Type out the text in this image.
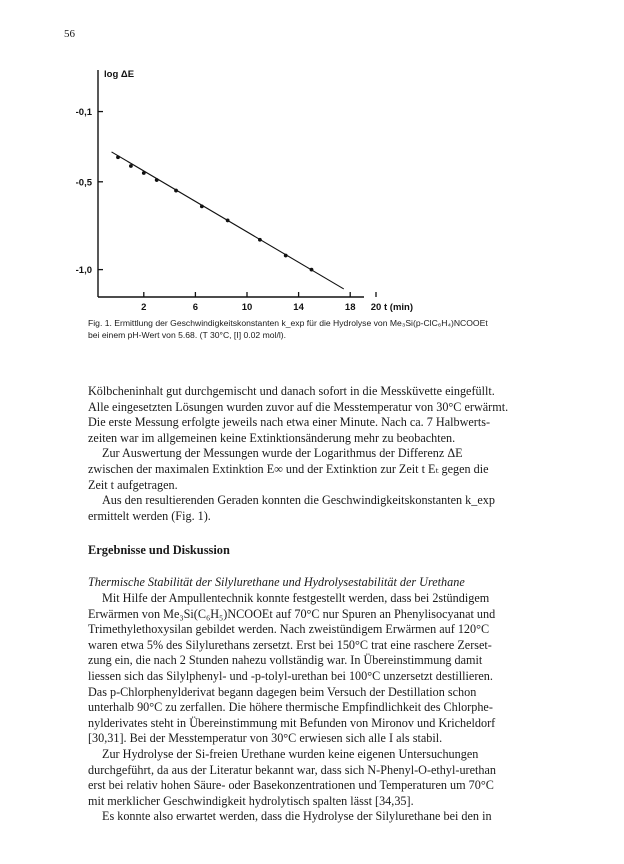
56
log ΔE
-0,1
-0,5
-1,0
2	6	10	14	18 20 t (min)
Fig. 1. Ermittlung der Geschwindigkeitskonstanten k_exp für die Hydrolyse von Me₃Si(p-ClC₆H₄)NCOOEt
bei einem pH-Wert von 5.68. (T 30°C, [I] 0.02 mol/l).

Kölbcheninhalt gut durchgemischt und danach sofort in die Messküvette eingefüllt.
Alle eingesetzten Lösungen wurden zuvor auf die Messtemperatur von 30°C erwärmt.
Die erste Messung erfolgte jeweils nach etwa einer Minute. Nach ca. 7 Halbwerts-
zeiten war im allgemeinen keine Extinktionsänderung mehr zu beobachten.

Zur Auswertung der Messungen wurde der Logarithmus der Differenz ΔE
zwischen der maximalen Extinktion E∞ und der Extinktion zur Zeit t Eₜ gegen die
Zeit t aufgetragen.

Aus den resultierenden Geraden konnten die Geschwindigkeitskonstanten k_exp
ermittelt werden (Fig. 1).

Ergebnisse und Diskussion
Thermische Stabilität der Silylurethane und Hydrolysestabilität der Urethane

Mit Hilfe der Ampullentechnik konnte festgestellt werden, dass bei 2stündigem
Erwärmen von Me₃Si(C₆H₅)NCOOEt auf 70°C nur Spuren an Phenylisocyanat und
Trimethylethoxysilan gebildet werden. Nach zweistündigem Erwärmen auf 120°C
waren etwa 5% des Silylurethans zersetzt. Erst bei 150°C trat eine raschere Zerset-
zung ein, die nach 2 Stunden nahezu vollständig war. In Übereinstimmung damit
liessen sich das Silylphenyl- und -p-tolyl-urethan bei 100°C unzersetzt destillieren.
Das p-Chlorphenylderivat begann dagegen beim Versuch der Destillation schon
unterhalb 90°C zu zerfallen. Die höhere thermische Empfindlichkeit des Chlorphe-
nylderivates steht in Übereinstimmung mit Befunden von Mironov und Kricheldorf
[30,31]. Bei der Messtemperatur von 30°C erwiesen sich alle I als stabil.

Zur Hydrolyse der Si-freien Urethane wurden keine eigenen Untersuchungen
durchgeführt, da aus der Literatur bekannt war, dass sich N-Phenyl-O-ethyl-urethan
erst bei relativ hohen Säure- oder Basekonzentrationen und Temperaturen um 70°C
mit merklicher Geschwindigkeit hydrolytisch spalten lässt [34,35].

Es konnte also erwartet werden, dass die Hydrolyse der Silylurethane bei den in
